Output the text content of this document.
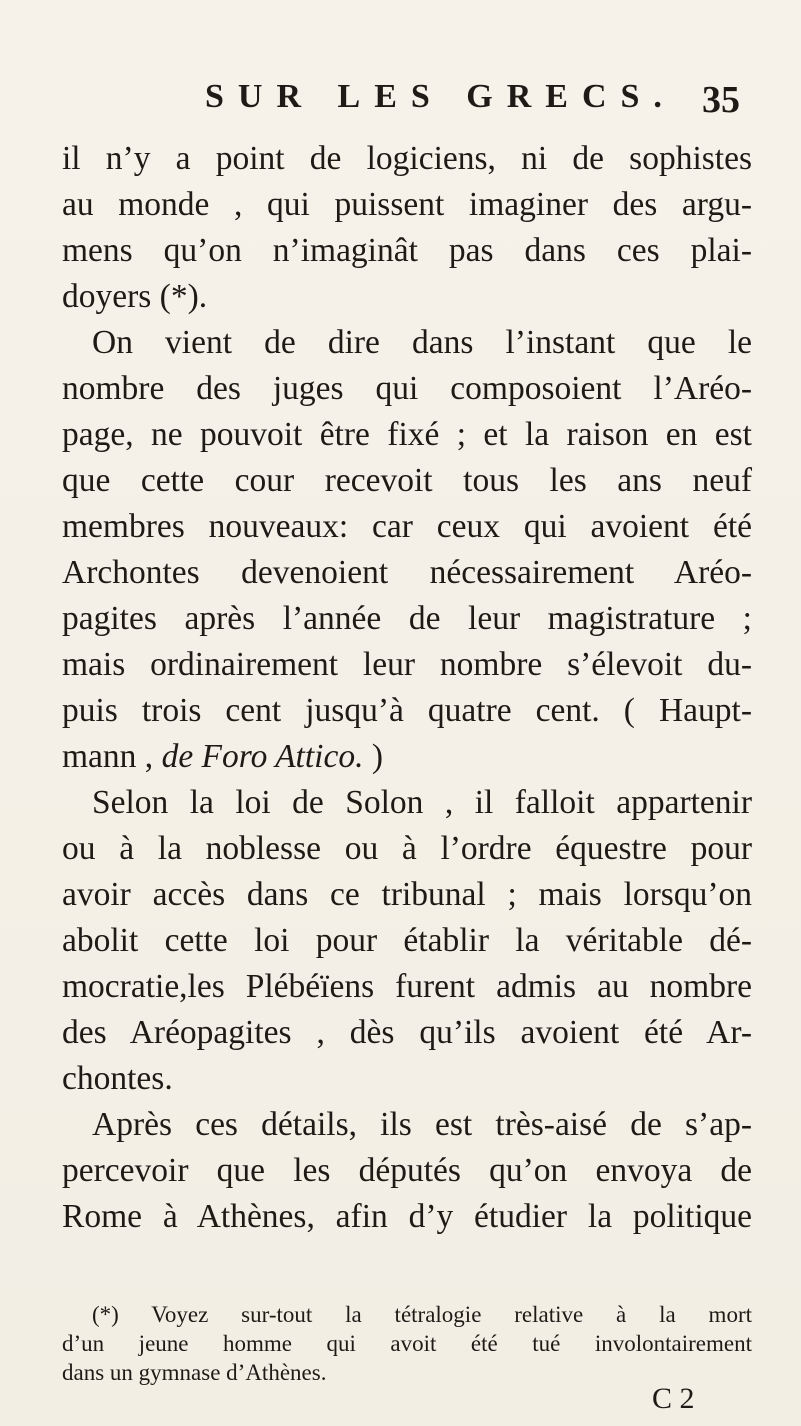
SUR LES GRECS. 35
il n’y a point de logiciens, ni de sophistes
au monde , qui puissent imaginer des argu-
mens qu’on n’imaginât pas dans ces plai-
doyers (*).
On vient de dire dans l’instant que le
nombre des juges qui composoient l’Aréo-
page, ne pouvoit être fixé ; et la raison en est
que cette cour recevoit tous les ans neuf
membres nouveaux: car ceux qui avoient été
Archontes devenoient nécessairement Aréo-
pagites après l’année de leur magistrature ;
mais ordinairement leur nombre s’élevoit du-
puis trois cent jusqu’à quatre cent. ( Haupt-
mann , de Foro Attico. )
Selon la loi de Solon , il falloit appartenir
ou à la noblesse ou à l’ordre équestre pour
avoir accès dans ce tribunal ; mais lorsqu’on
abolit cette loi pour établir la véritable dé-
mocratie,les Plébéïens furent admis au nombre
des Aréopagites , dès qu’ils avoient été Ar-
chontes.
Après ces détails, ils est très-aisé de s’ap-
percevoir que les députés qu’on envoya de
Rome à Athènes, afin d’y étudier la politique
(*) Voyez sur-tout la tétralogie relative à la mort
d’un jeune homme qui avoit été tué involontairement
dans un gymnase d’Athènes.
C 2
